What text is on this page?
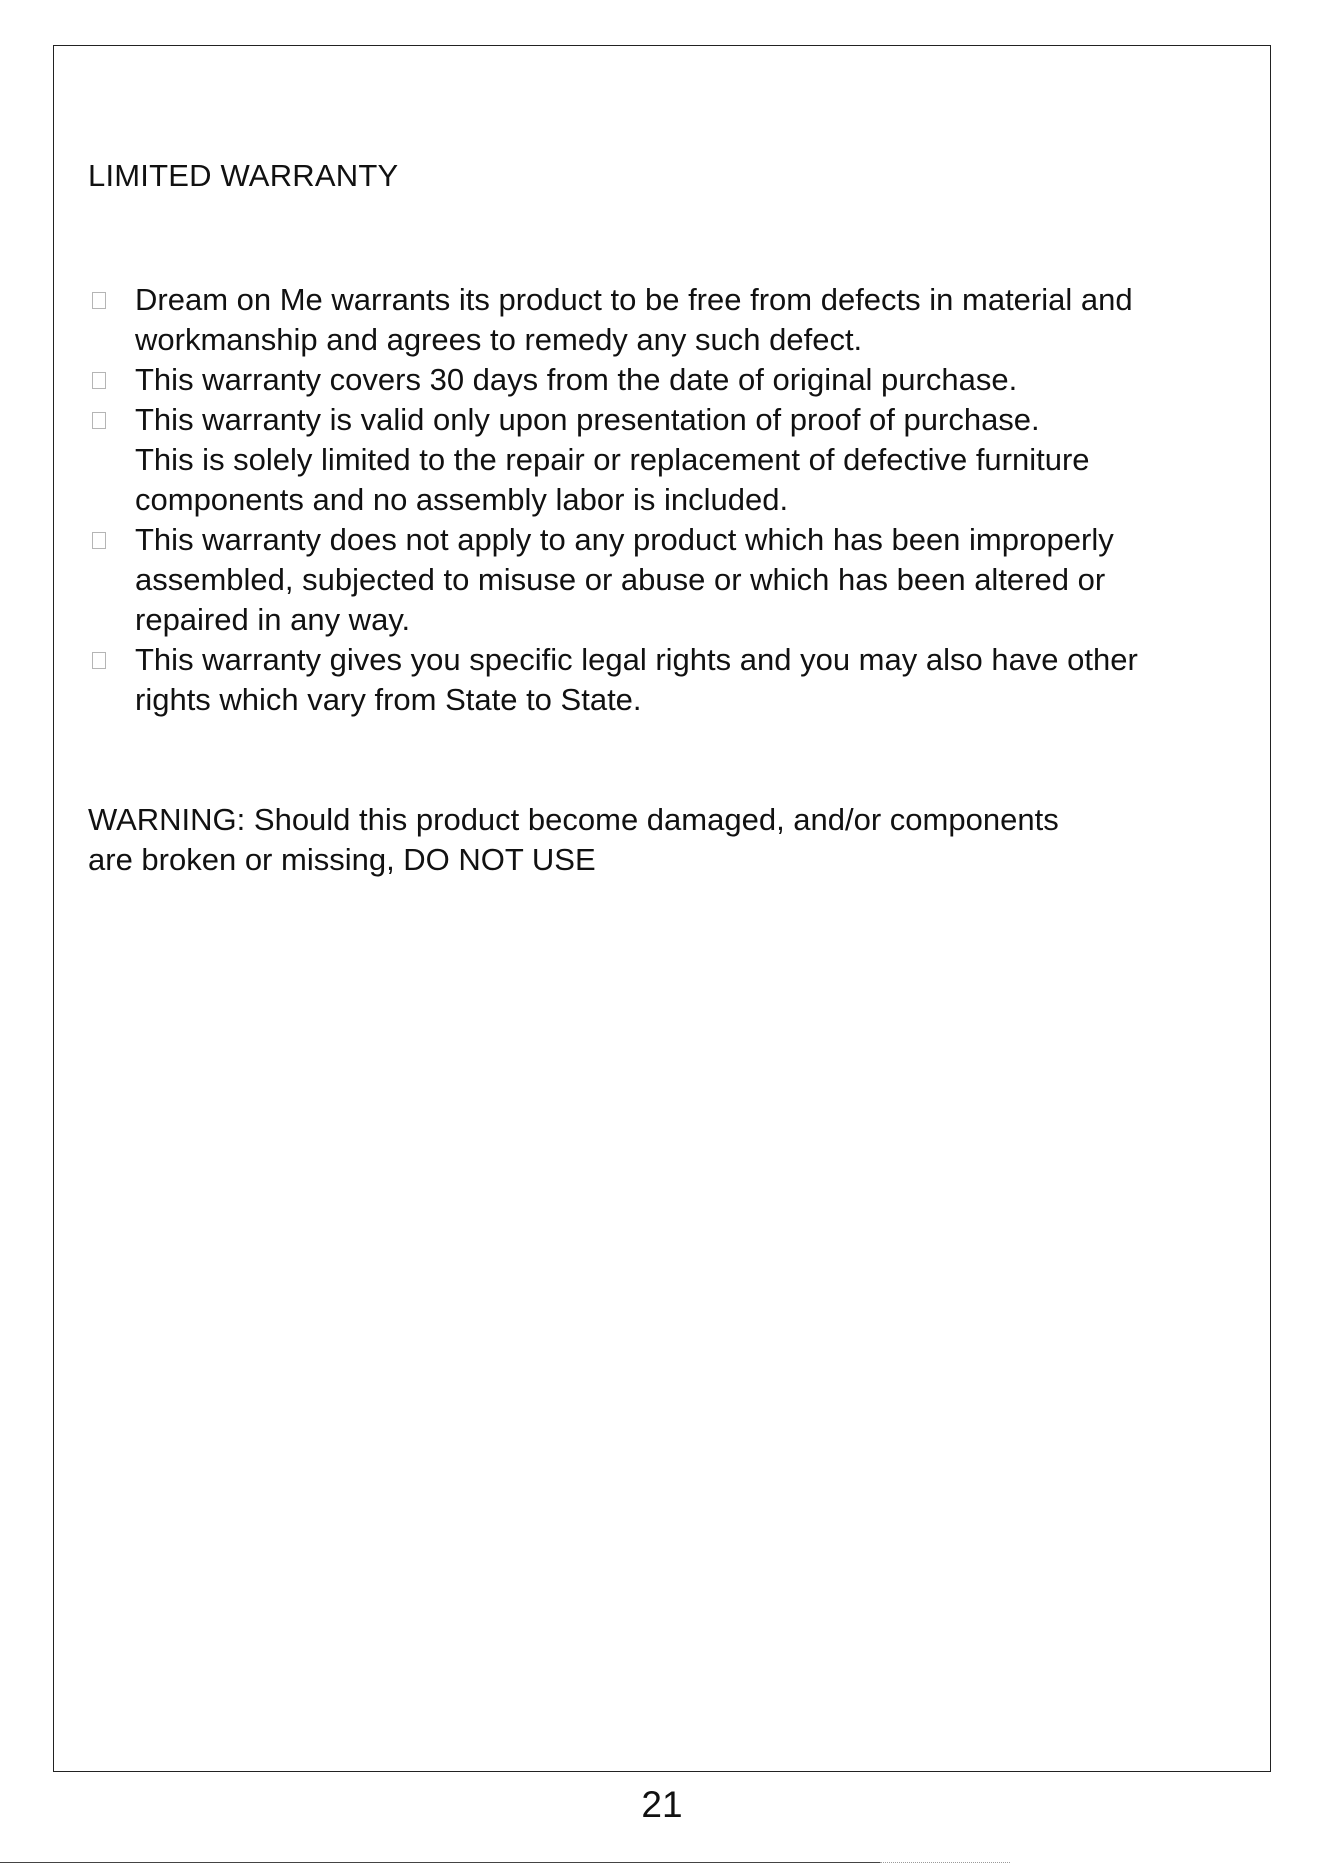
LIMITED WARRANTY
Dream on Me warrants its product to be free from defects in material and
workmanship and agrees to remedy any such defect.
This warranty covers 30 days from the date of original purchase.
This warranty is valid only upon presentation of proof of purchase.
This is solely limited to the repair or replacement of defective furniture
components and no assembly labor is included.
This warranty does not apply to any product which has been improperly
assembled, subjected to misuse or abuse or which has been altered or
repaired in any way.
This warranty gives you specific legal rights and you may also have other
rights which vary from State to State.
WARNING: Should this product become damaged, and/or components
are broken or missing, DO NOT USE
21
